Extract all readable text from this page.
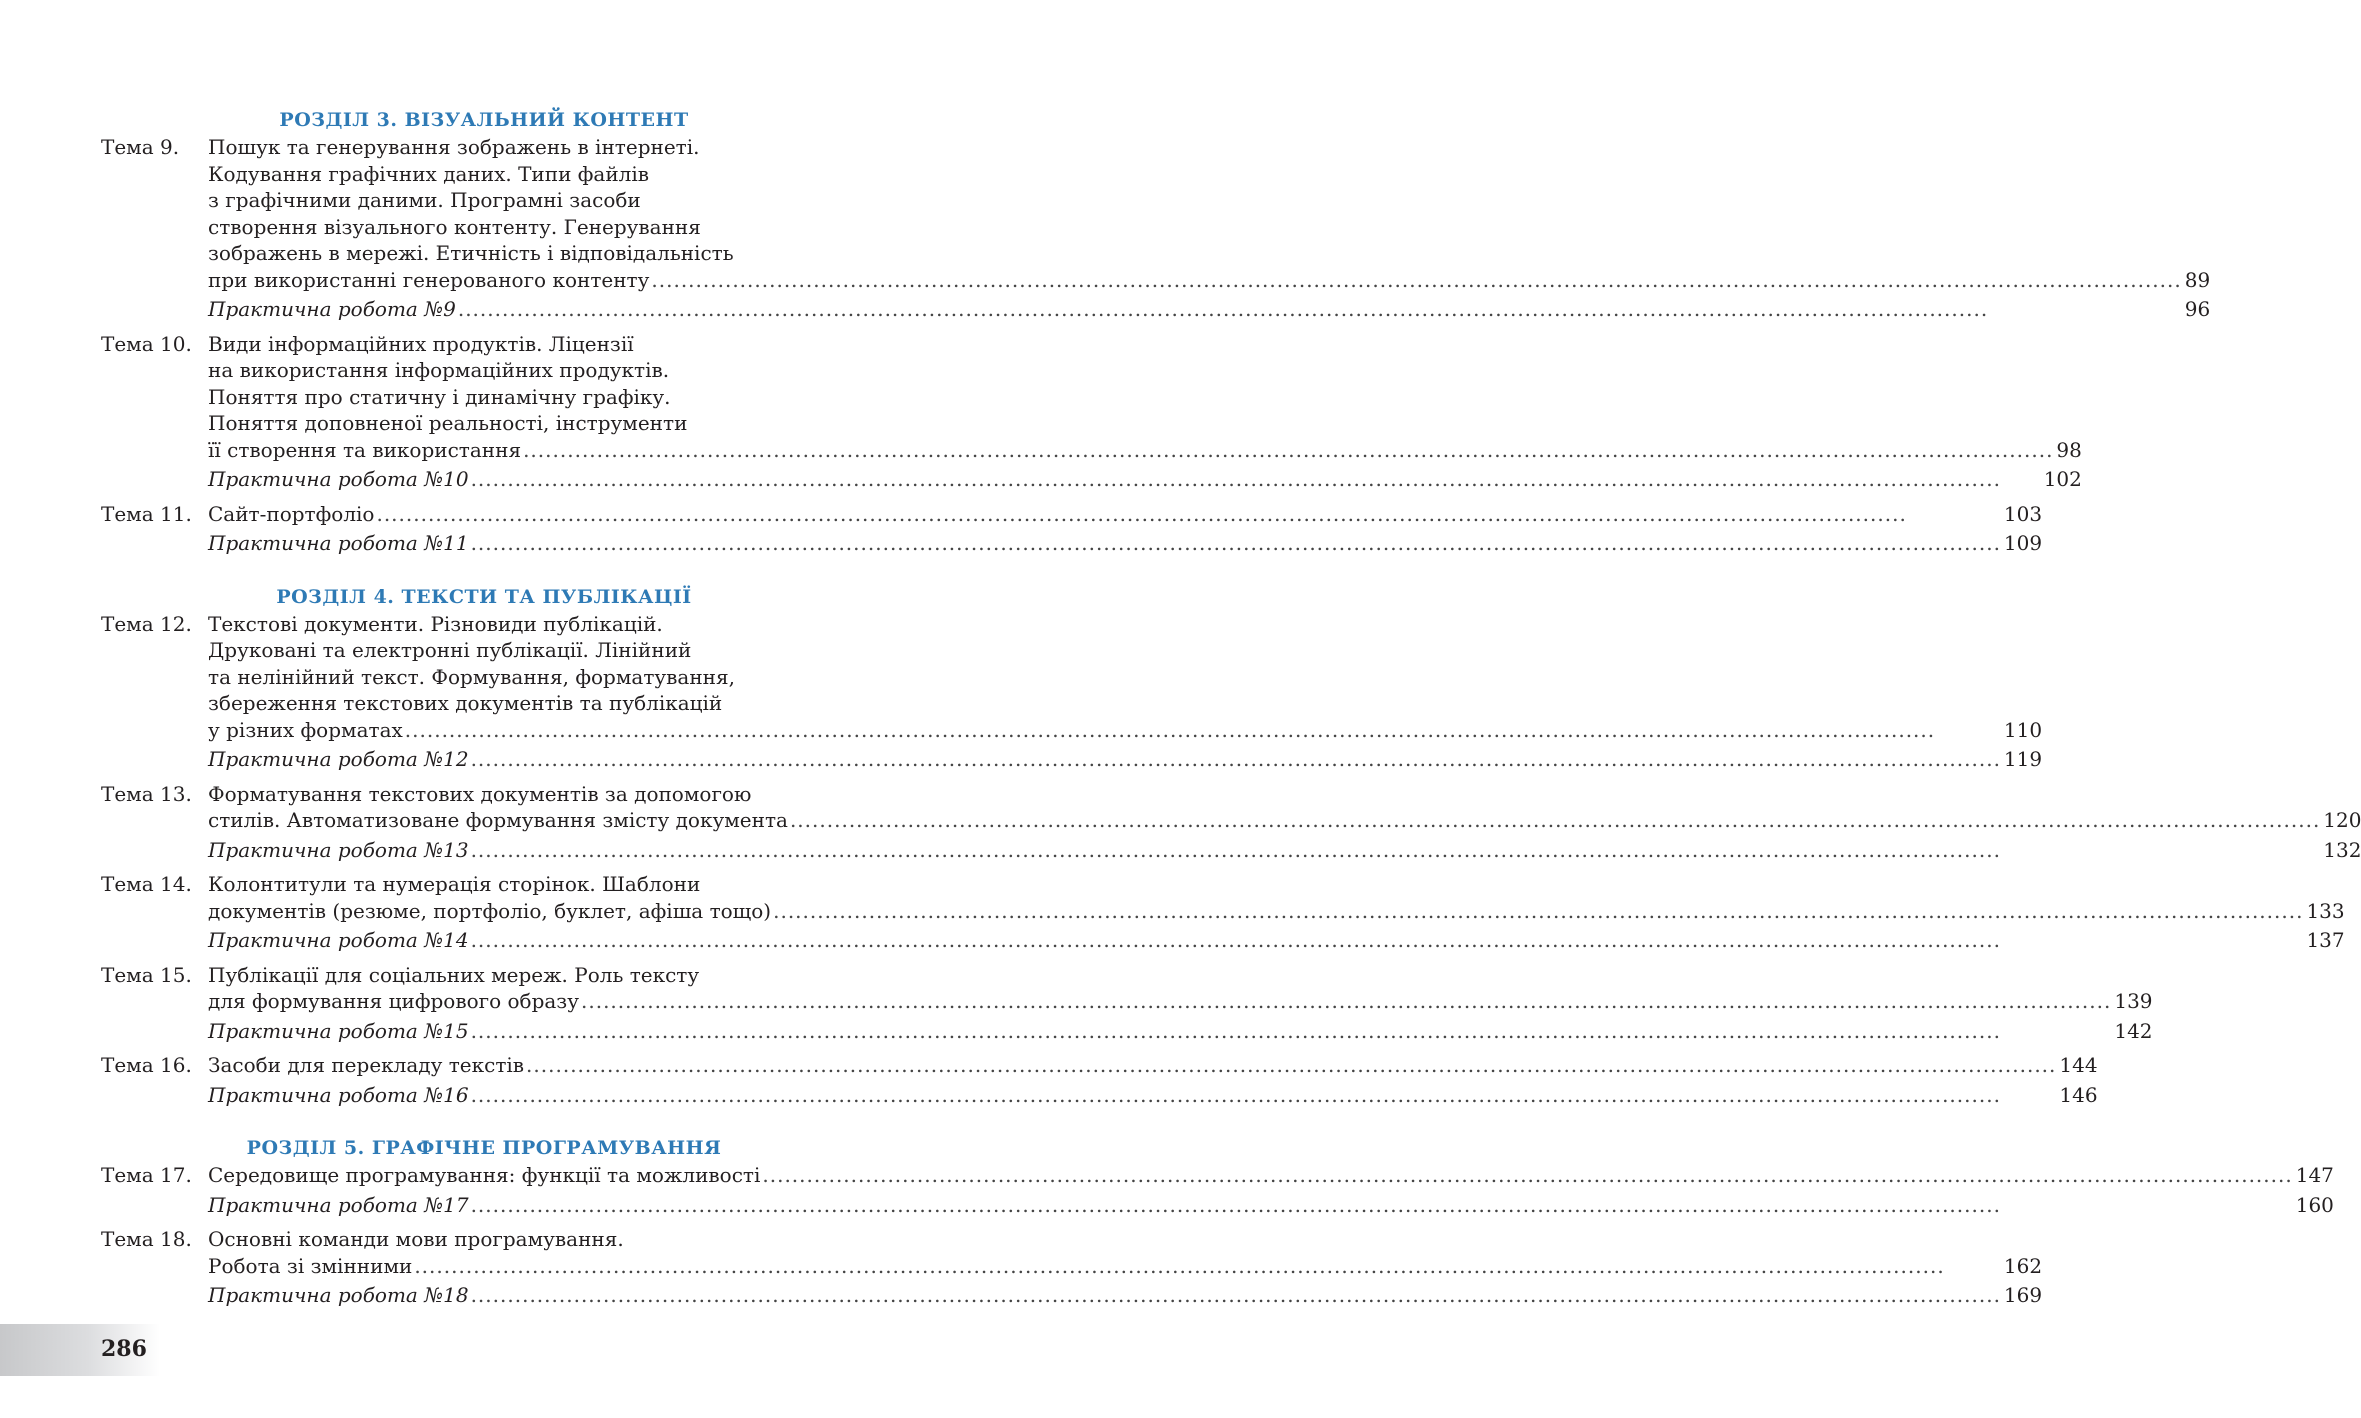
РОЗДІЛ 3. ВІЗУАЛЬНИЙ КОНТЕНТ
Тема 9.	Пошук та генерування зображень в інтернеті.
Кодування графічних даних. Типи файлів
з графічними даними. Програмні засоби
створення візуального контенту. Генерування
зображень в мережі. Етичність і відповідальність
при використанні генерованого контенту .....	89
Практична робота №9 .....	96
Тема 10. Види інформаційних продуктів. Ліцензії
на використання інформаційних продуктів.
Поняття про статичну і динамічну графіку.
Поняття доповненої реальності, інструменти
її створення та використання .....	98
Практична робота №10 .....	102
Тема 11. Сайт-портфоліо .....	103
Практична робота №11 .....	109
РОЗДІЛ 4. ТЕКСТИ ТА ПУБЛІКАЦІЇ
Тема 12. Текстові документи. Різновиди публікацій.
Друковані та електронні публікації. Лінійний
та нелінійний текст. Формування, форматування,
збереження текстових документів та публікацій
у різних форматах .....	110
Практична робота №12 .....	119
Тема 13. Форматування текстових документів за допомогою
стилів. Автоматизоване формування змісту документа .....	120
Практична робота №13 .....	132
Тема 14. Колонтитули та нумерація сторінок. Шаблони
документів (резюме, портфоліо, буклет, афіша тощо) .....	133
Практична робота №14 .....	137
Тема 15. Публікації для соціальних мереж. Роль тексту
для формування цифрового образу .....	139
Практична робота №15 .....	142
Тема 16. Засоби для перекладу текстів .....	144
Практична робота №16 .....	146
РОЗДІЛ 5. ГРАФІЧНЕ ПРОГРАМУВАННЯ
Тема 17. Середовище програмування: функції та можливості .....	147
Практична робота №17 .....	160
Тема 18. Основні команди мови програмування.
Робота зі змінними .....	162
Практична робота №18 .....	169
286
